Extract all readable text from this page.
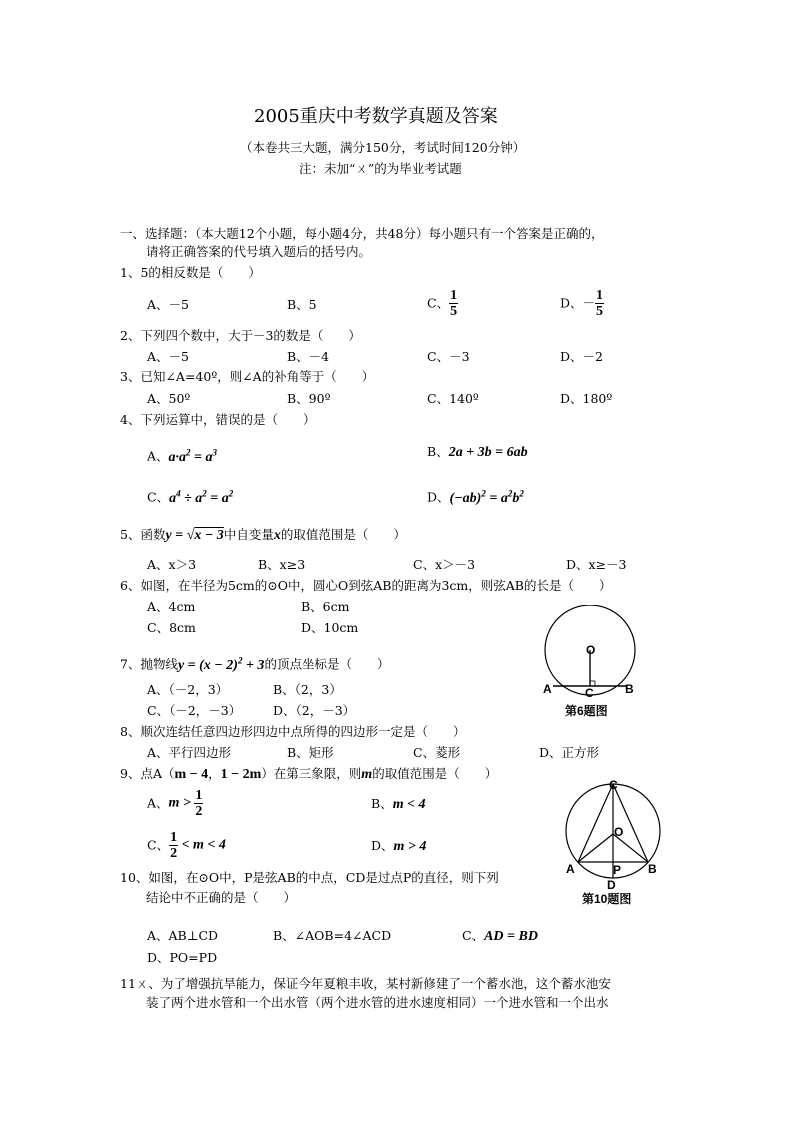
2005重庆中考数学真题及答案
（本卷共三大题，满分150分，考试时间120分钟）
注：未加“ㄨ”的为毕业考试题
一、选择题：（本大题12个小题，每小题4分，共48分）每小题只有一个答案是正确的，
请将正确答案的代号填入题后的括号内。
1、5的相反数是（　　）
A、－5	B、5	C、 $\frac{1}{5}$	D、－ $\frac{1}{5}$
2、下列四个数中，大于－3的数是（　　）
A、－5	B、－4	C、－3	D、－2
3、已知∠A=40º，则∠A的补角等于（　　）
A、50º	B、90º	C、140º	D、180º
4、下列运算中，错误的是（　　）
A、$a\cdot a^2 = a^3$	B、2a + 3b = 6ab
C、$a^4 \div a^2 = a^2$	D、$(-ab)^2 = a^2b^2$
5、函数y = √x − 3中自变量x的取值范围是（　　）
A、x＞3	B、x≥3	C、x＞－3	D、x≥－3
6、如图，在半径为5cm的⊙O中，圆心O到弦AB的距离为3cm，则弦AB的长是（　　）
A、4cm	B、6cm
C、8cm	D、10cm
O
A	B
C
第6题图
7、抛物线$y = (x - 2)^2 + 3$的顶点坐标是（　　）
A、（－2，3）	B、（2，3）
C、（－2，－3）	D、（2，－3）
8、顺次连结任意四边形四边中点所得的四边形一定是（　　）
A、平行四边形	B、矩形	C、菱形	D、正方形
9、点A（m − 4，1 − 2m）在第三象限，则m的取值范围是（　　）
A、$m > \frac{1}{2}$	B、m < 4
C、 $\frac{1}{2} < m < 4$	D、m > 4
C
O
A	B
P
D
第10题图
10、如图，在⊙O中，P是弦AB的中点，CD是过点P的直径，则下列
结论中不正确的是（　　）
A、AB⊥CD	B、∠AOB=4∠ACD	C、AD = BD
D、PO=PD
11ㄨ、为了增强抗旱能力，保证今年夏粮丰收，某村新修建了一个蓄水池，这个蓄水池安
装了两个进水管和一个出水管（两个进水管的进水速度相同）一个进水管和一个出水
